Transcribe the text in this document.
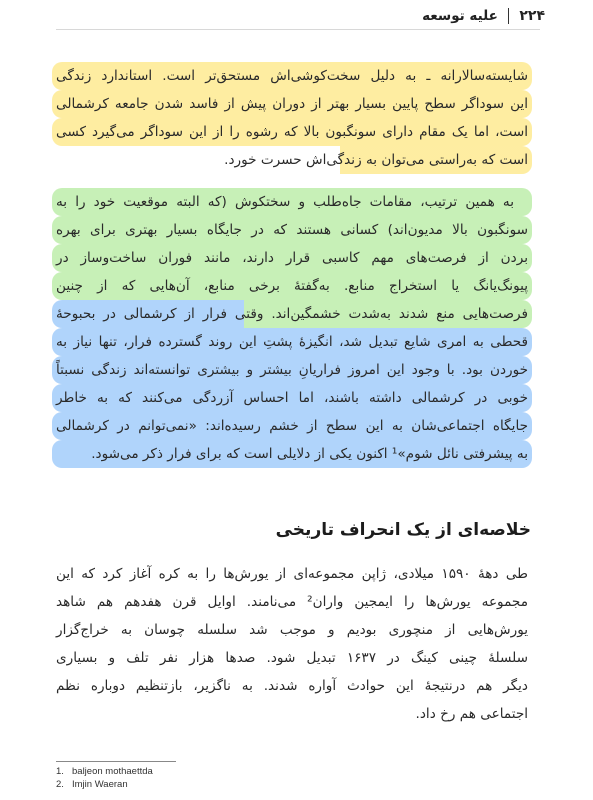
۲۲۴
علیه توسعه
شایسته‌سالارانه ـ به دلیل سخت‌کوشی‌اش مستحق‌تر است. استاندارد زندگی
این سوداگر سطح پایین بسیار بهتر از دوران پیش از فاسد شدن جامعه کرشمالی
است، اما یک مقام دارای سونگبون بالا که رشوه را از این سوداگر می‌گیرد کسی
است که به‌راستی می‌توان به زندگی‌اش حسرت خورد.
به همین ترتیب، مقامات جاه‌طلب و سختکوش (که البته موقعیت خود را به
سونگبون بالا مدیون‌اند) کسانی هستند که در جایگاه بسیار بهتری برای بهره
بردن از فرصت‌های مهم کاسبی قرار دارند، مانند فوران ساخت‌وساز در
پیونگ‌یانگ یا استخراج منابع. به‌گفتهٔ برخی منابع، آن‌هایی که از چنین
فرصت‌هایی منع شدند به‌شدت خشمگین‌اند. وقتی فرار از کرشمالی در بحبوحهٔ
قحطی به امری شایع تبدیل شد، انگیزهٔ پشتِ این روند گسترده فرار، تنها نیاز به
خوردن بود. با وجود این امروز فراریانِ بیشتر و بیشتری توانسته‌اند زندگی نسبتاً
خوبی در کرشمالی داشته باشند، اما احساس آزردگی می‌کنند که به خاطر
جایگاه اجتماعی‌شان به این سطح از خشم رسیده‌اند: «نمی‌توانم در کرشمالی
به پیشرفتی نائل شوم»¹ اکنون یکی از دلایلی است که برای فرار ذکر می‌شود.
خلاصه‌ای از یک انحراف تاریخی
طی دههٔ ۱۵۹۰ میلادی، ژاپن مجموعه‌ای از یورش‌ها را به کره آغاز کرد که این
مجموعه یورش‌ها را ایمجین واران² می‌نامند. اوایل قرن هفدهم هم شاهد
یورش‌هایی از منچوری بودیم و موجب شد سلسله چوسان به خراج‌گزار
سلسلهٔ چینی کینگ در ۱۶۳۷ تبدیل شود. صدها هزار نفر تلف و بسیاری
دیگر هم درنتیجهٔ این حوادث آواره شدند. به ناگزیر، بازتنظیم دوباره نظم
اجتماعی هم رخ داد.
1. baljeon mothaettda
2. Imjin Waeran
